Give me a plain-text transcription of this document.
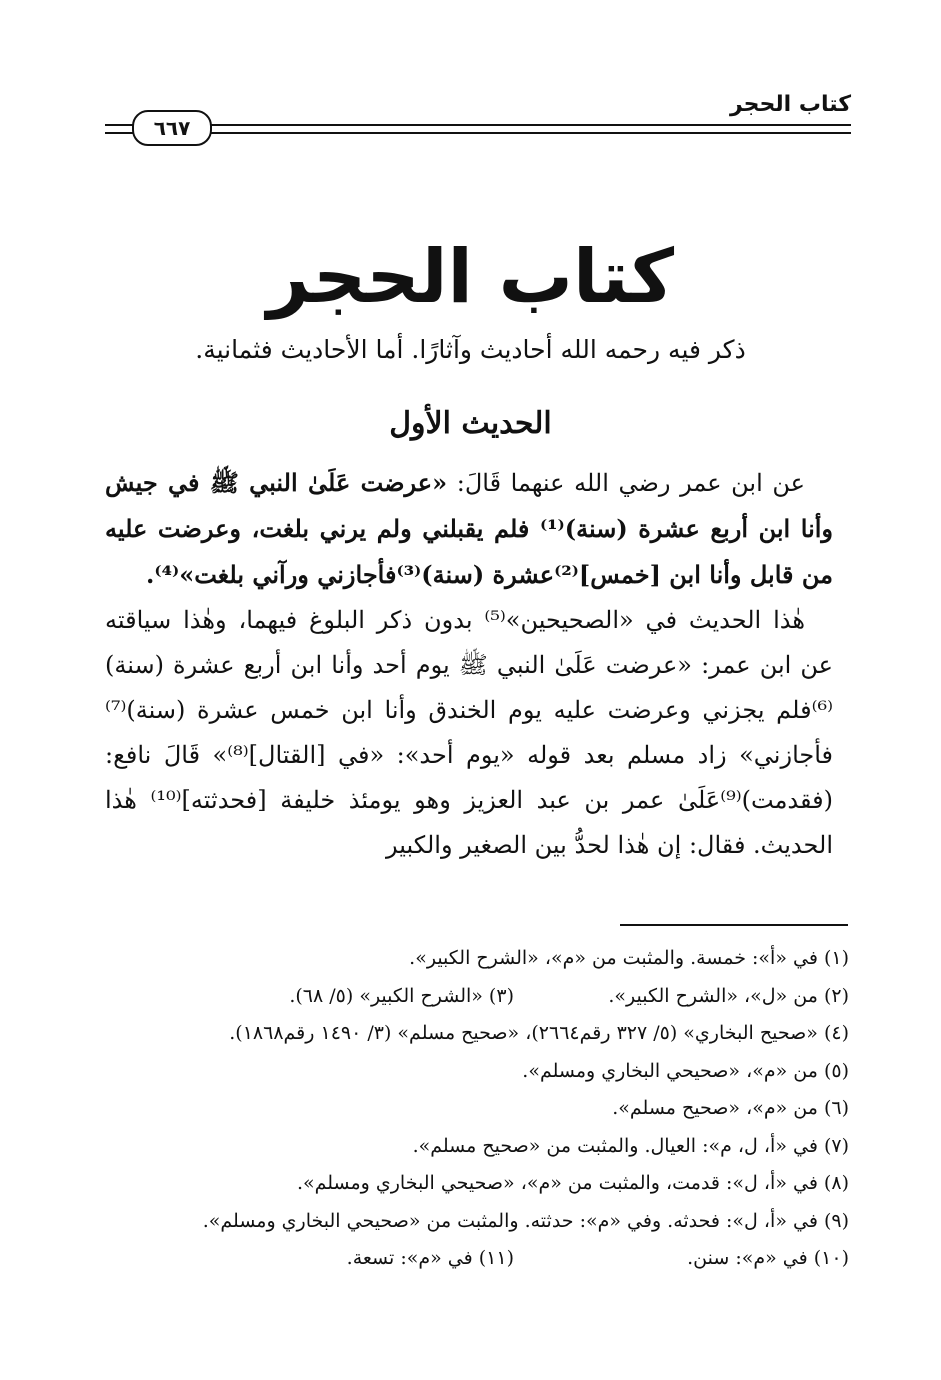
كتاب الحجر
٦٦٧
كتاب الحجر
ذكر فيه رحمه الله أحاديث وآثارًا. أما الأحاديث فثمانية.
الحديث الأول

عن ابن عمر رضي الله عنهما قَالَ: «عرضت عَلَىٰ النبي ﷺ في جيش وأنا ابن أربع عشرة (سنة)⁽¹⁾ فلم يقبلني ولم يرني بلغت، وعرضت عليه من قابل وأنا ابن [خمس]⁽²⁾عشرة (سنة)⁽³⁾فأجازني ورآني بلغت»⁽⁴⁾.

هٰذا الحديث في «الصحيحين»⁽⁵⁾ بدون ذكر البلوغ فيهما، وهٰذا سياقته عن ابن عمر: «عرضت عَلَىٰ النبي ﷺ يوم أحد وأنا ابن أربع عشرة (سنة)⁽⁶⁾فلم يجزني وعرضت عليه يوم الخندق وأنا ابن خمس عشرة (سنة)⁽⁷⁾ فأجازني» زاد مسلم بعد قوله «يوم أحد»: «في [القتال]⁽⁸⁾» قَالَ نافع: (فقدمت)⁽⁹⁾عَلَىٰ عمر بن عبد العزيز وهو يومئذ خليفة [فحدثته]⁽¹⁰⁾ هٰذا الحديث. فقال: إن هٰذا لحدُّ بين الصغير والكبير

(١) في «أ»: خمسة. والمثبت من «م»، «الشرح الكبير».
(٢) من «ل»، «الشرح الكبير».
(٣) «الشرح الكبير» (٥/ ٦٨).
(٤) «صحيح البخاري» (٥/ ٣٢٧ رقم٢٦٦٤)، «صحيح مسلم» (٣/ ١٤٩٠ رقم١٨٦٨).
(٥) من «م»، «صحيحي البخاري ومسلم».
(٦) من «م»، «صحيح مسلم».
(٧) في «أ، ل، م»: العيال. والمثبت من «صحيح مسلم».
(٨) في «أ، ل»: قدمت، والمثبت من «م»، «صحيحي البخاري ومسلم».
(٩) في «أ، ل»: فحدثه. وفي «م»: حدثته. والمثبت من «صحيحي البخاري ومسلم».
(١٠) في «م»: سنن.
(١١) في «م»: تسعة.
